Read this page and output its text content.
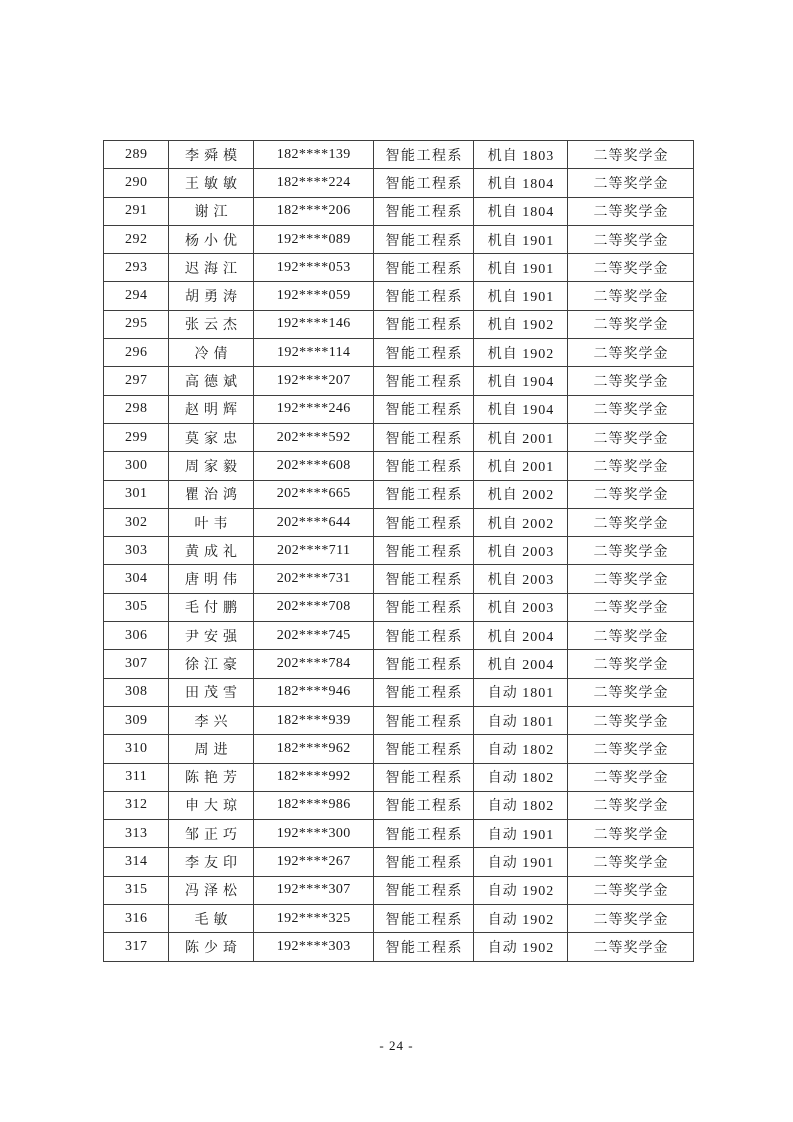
289	李舜模	182****139	智能工程系	机自 1803	二等奖学金
290	王敏敏	182****224	智能工程系	机自 1804	二等奖学金
291	谢江	182****206	智能工程系	机自 1804	二等奖学金
292	杨小优	192****089	智能工程系	机自 1901	二等奖学金
293	迟海江	192****053	智能工程系	机自 1901	二等奖学金
294	胡勇涛	192****059	智能工程系	机自 1901	二等奖学金
295	张云杰	192****146	智能工程系	机自 1902	二等奖学金
296	冷倩	192****114	智能工程系	机自 1902	二等奖学金
297	高德斌	192****207	智能工程系	机自 1904	二等奖学金
298	赵明辉	192****246	智能工程系	机自 1904	二等奖学金
299	莫家忠	202****592	智能工程系	机自 2001	二等奖学金
300	周家毅	202****608	智能工程系	机自 2001	二等奖学金
301	瞿治鸿	202****665	智能工程系	机自 2002	二等奖学金
302	叶韦	202****644	智能工程系	机自 2002	二等奖学金
303	黄成礼	202****711	智能工程系	机自 2003	二等奖学金
304	唐明伟	202****731	智能工程系	机自 2003	二等奖学金
305	毛付鹏	202****708	智能工程系	机自 2003	二等奖学金
306	尹安强	202****745	智能工程系	机自 2004	二等奖学金
307	徐江豪	202****784	智能工程系	机自 2004	二等奖学金
308	田茂雪	182****946	智能工程系	自动 1801	二等奖学金
309	李兴	182****939	智能工程系	自动 1801	二等奖学金
310	周进	182****962	智能工程系	自动 1802	二等奖学金
311	陈艳芳	182****992	智能工程系	自动 1802	二等奖学金
312	申大琼	182****986	智能工程系	自动 1802	二等奖学金
313	邹正巧	192****300	智能工程系	自动 1901	二等奖学金
314	李友印	192****267	智能工程系	自动 1901	二等奖学金
315	冯泽松	192****307	智能工程系	自动 1902	二等奖学金
316	毛敏	192****325	智能工程系	自动 1902	二等奖学金
317	陈少琦	192****303	智能工程系	自动 1902	二等奖学金
- 24 -
